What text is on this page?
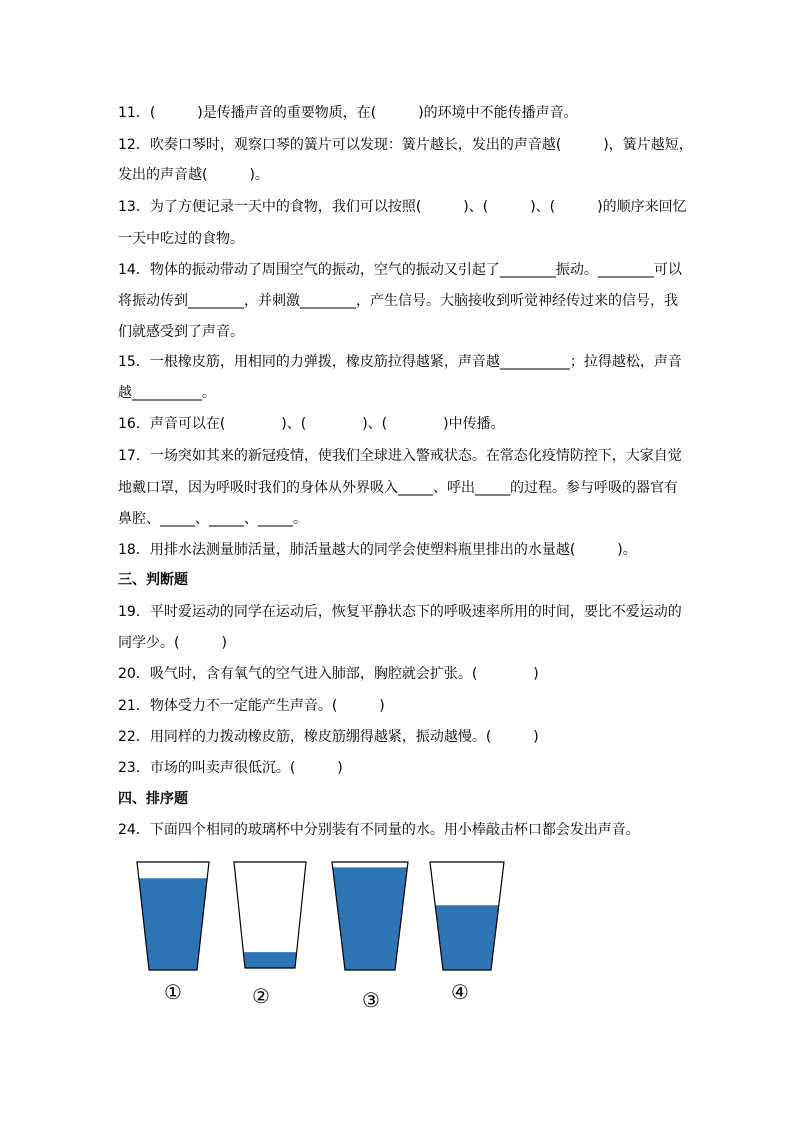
11．(　　　)是传播声音的重要物质，在(　　　)的环境中不能传播声音。
12．吹奏口琴时，观察口琴的簧片可以发现：簧片越长，发出的声音越(　　　)，簧片越短，
发出的声音越(　　　)。
13．为了方便记录一天中的食物，我们可以按照(　　　)、(　　　)、(　　　)的顺序来回忆
一天中吃过的食物。
14．物体的振动带动了周围空气的振动，空气的振动又引起了________振动。________可以
将振动传到________，并刺激________，产生信号。大脑接收到听觉神经传过来的信号，我
们就感受到了声音。
15．一根橡皮筋，用相同的力弹拨，橡皮筋拉得越紧，声音越__________；拉得越松，声音
越__________。
16．声音可以在(　　　　)、(　　　　)、(　　　　)中传播。
17．一场突如其来的新冠疫情，使我们全球进入警戒状态。在常态化疫情防控下，大家自觉
地戴口罩，因为呼吸时我们的身体从外界吸入_____、呼出_____的过程。参与呼吸的器官有
鼻腔、_____、_____、_____。
18．用排水法测量肺活量，肺活量越大的同学会使塑料瓶里排出的水量越(　　　)。
三、判断题
19．平时爱运动的同学在运动后，恢复平静状态下的呼吸速率所用的时间，要比不爱运动的
同学少。(　　　)
20．吸气时，含有氧气的空气进入肺部，胸腔就会扩张。(　　　　)
21．物体受力不一定能产生声音。(　　　)
22．用同样的力拨动橡皮筋，橡皮筋绷得越紧，振动越慢。(　　　)
23．市场的叫卖声很低沉。(　　　)
四、排序题
24．下面四个相同的玻璃杯中分别装有不同量的水。用小棒敲击杯口都会发出声音。
①	②	③	④
